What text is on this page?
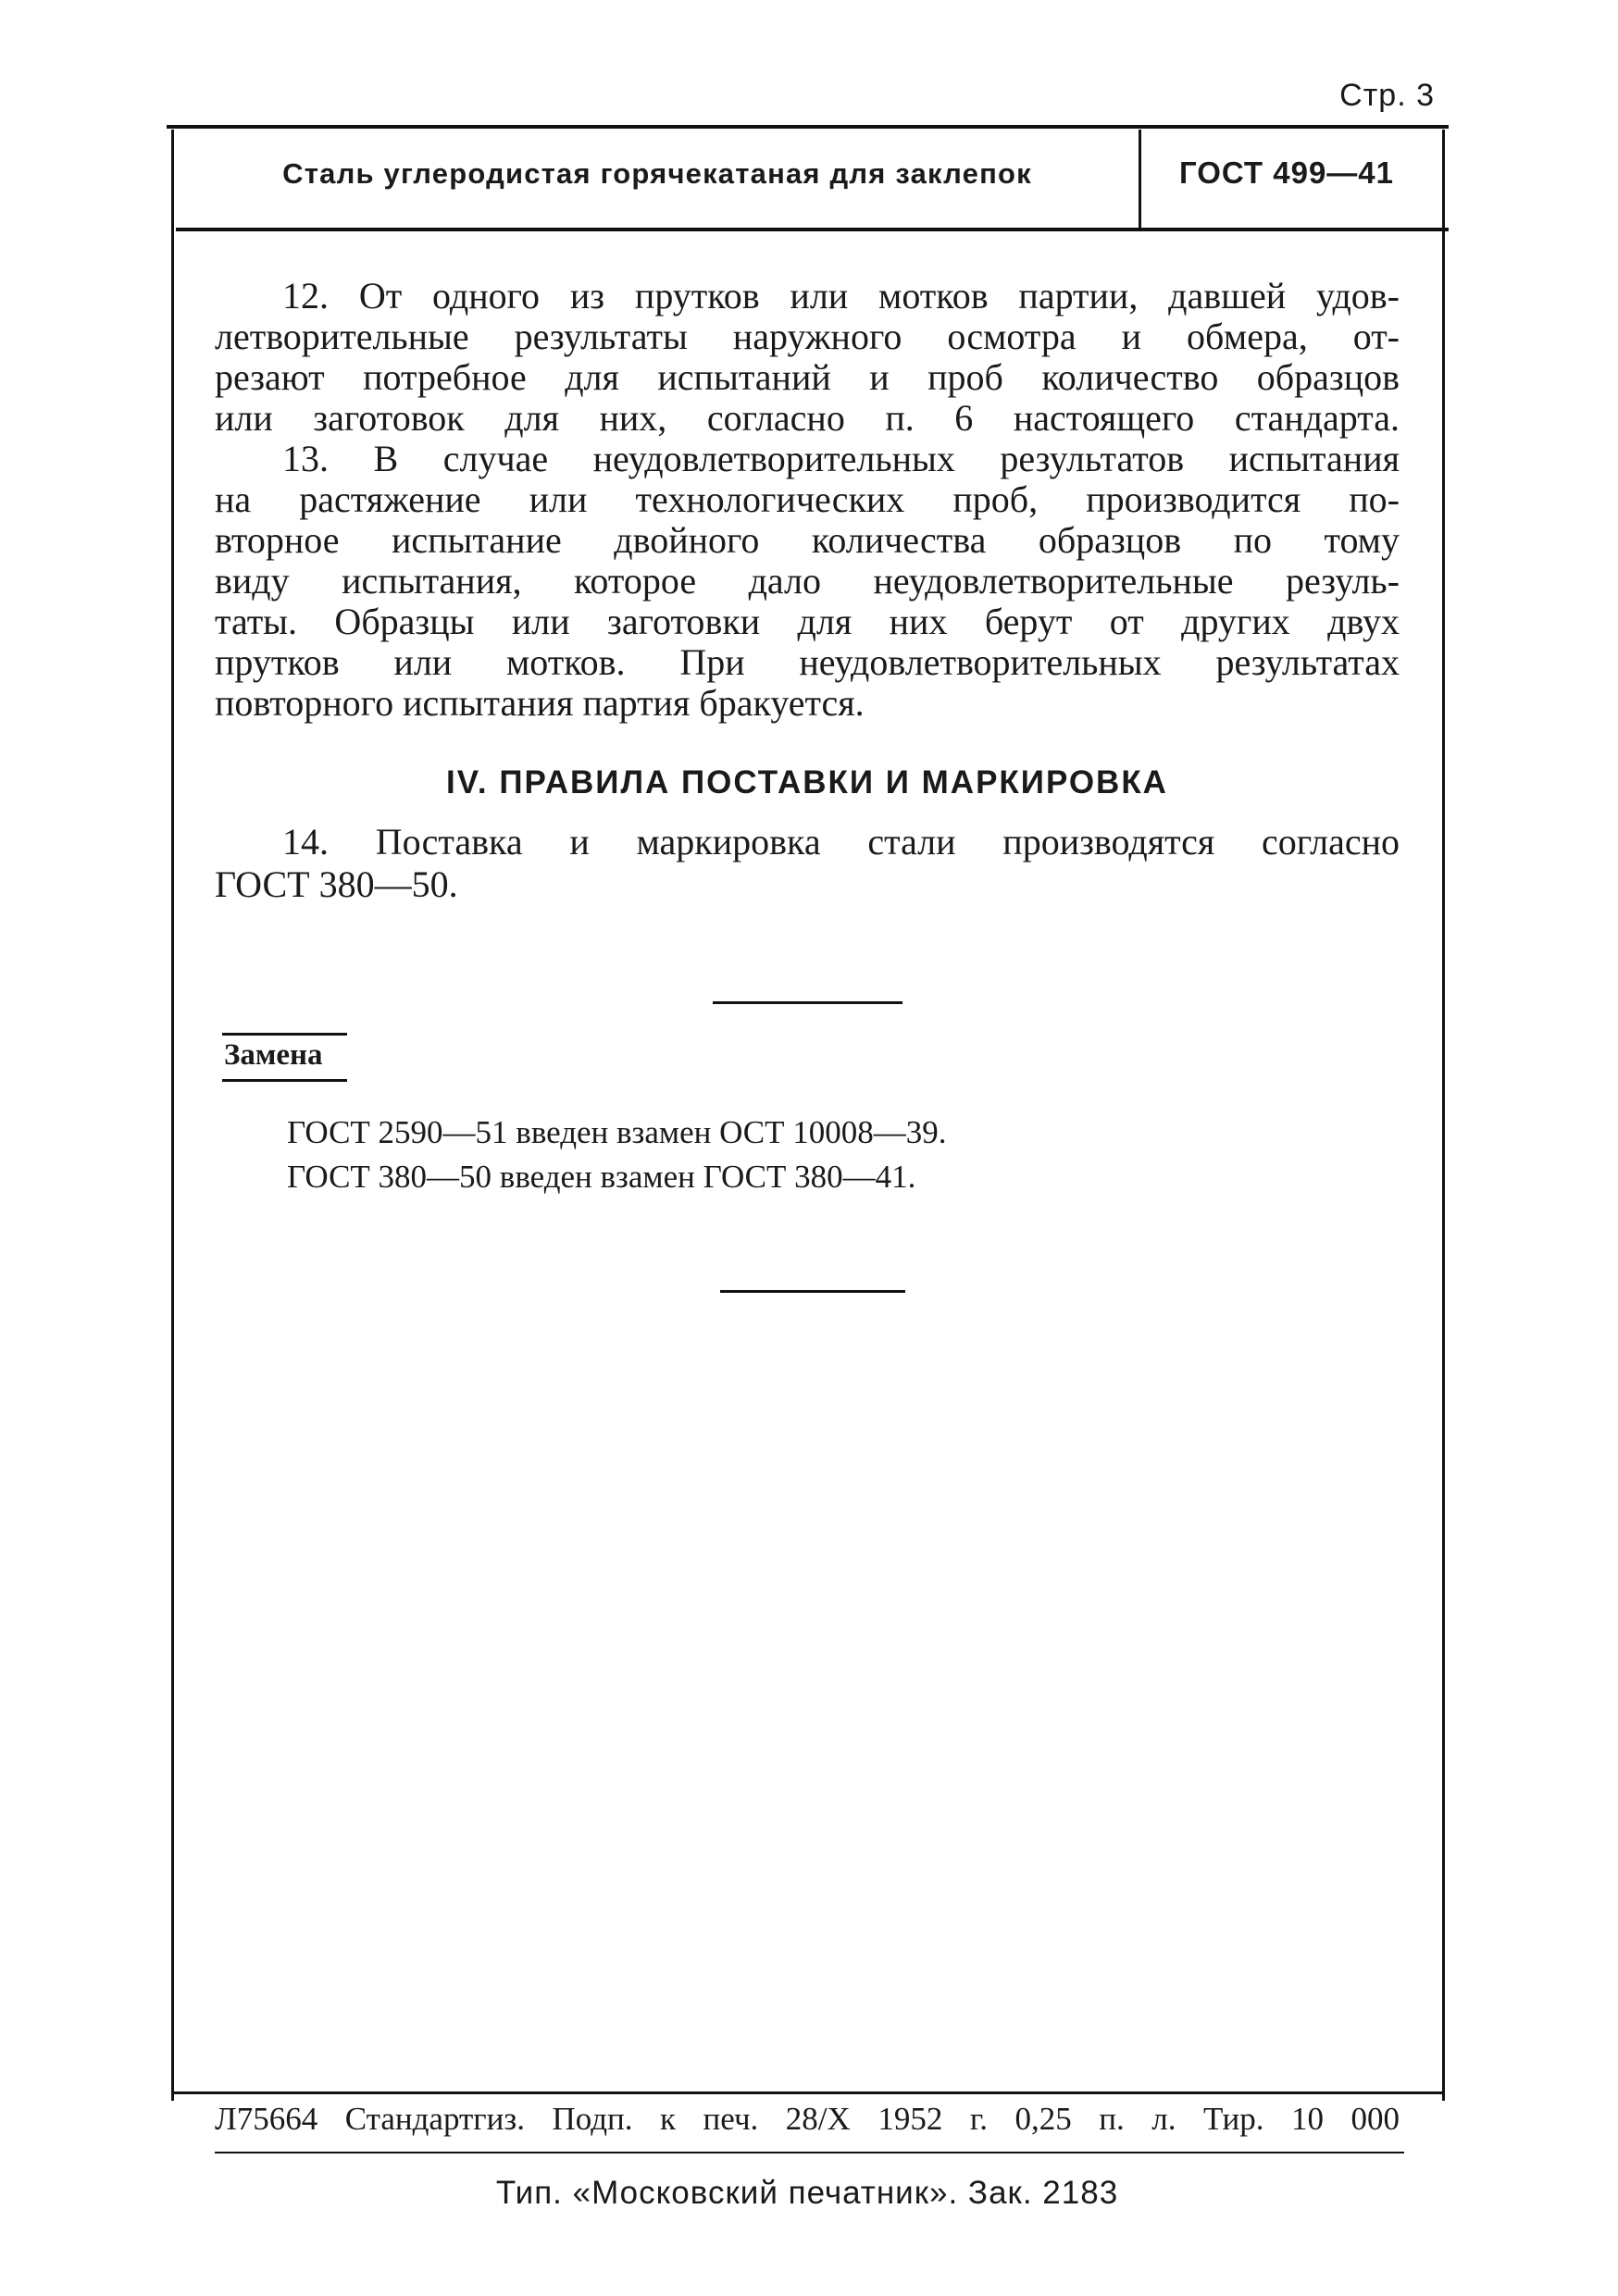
Стр. 3
Сталь углеродистая горячекатаная для заклепок	ГОСТ 499—41
12. От одного из прутков или мотков партии, давшей удов-
летворительные результаты наружного осмотра и обмера, от-
резают потребное для испытаний и проб количество образцов
или заготовок для них, согласно п. 6 настоящего стандарта.
13. В случае неудовлетворительных результатов испытания
на растяжение или технологических проб, производится по-
вторное испытание двойного количества образцов по тому
виду испытания, которое дало неудовлетворительные резуль-
таты. Образцы или заготовки для них берут от других двух
прутков или мотков. При неудовлетворительных результатах
повторного испытания партия бракуется.
IV. ПРАВИЛА ПОСТАВКИ И МАРКИРОВКА
14. Поставка и маркировка стали производятся согласно
ГОСТ 380—50.
Замена
ГОСТ 2590—51 введен взамен ОСТ 10008—39.
ГОСТ 380—50 введен взамен ГОСТ 380—41.
Л75664 Стандартгиз. Подп. к печ. 28/X 1952 г. 0,25 п. л. Тир. 10 000
Тип. «Московский печатник». Зак. 2183
